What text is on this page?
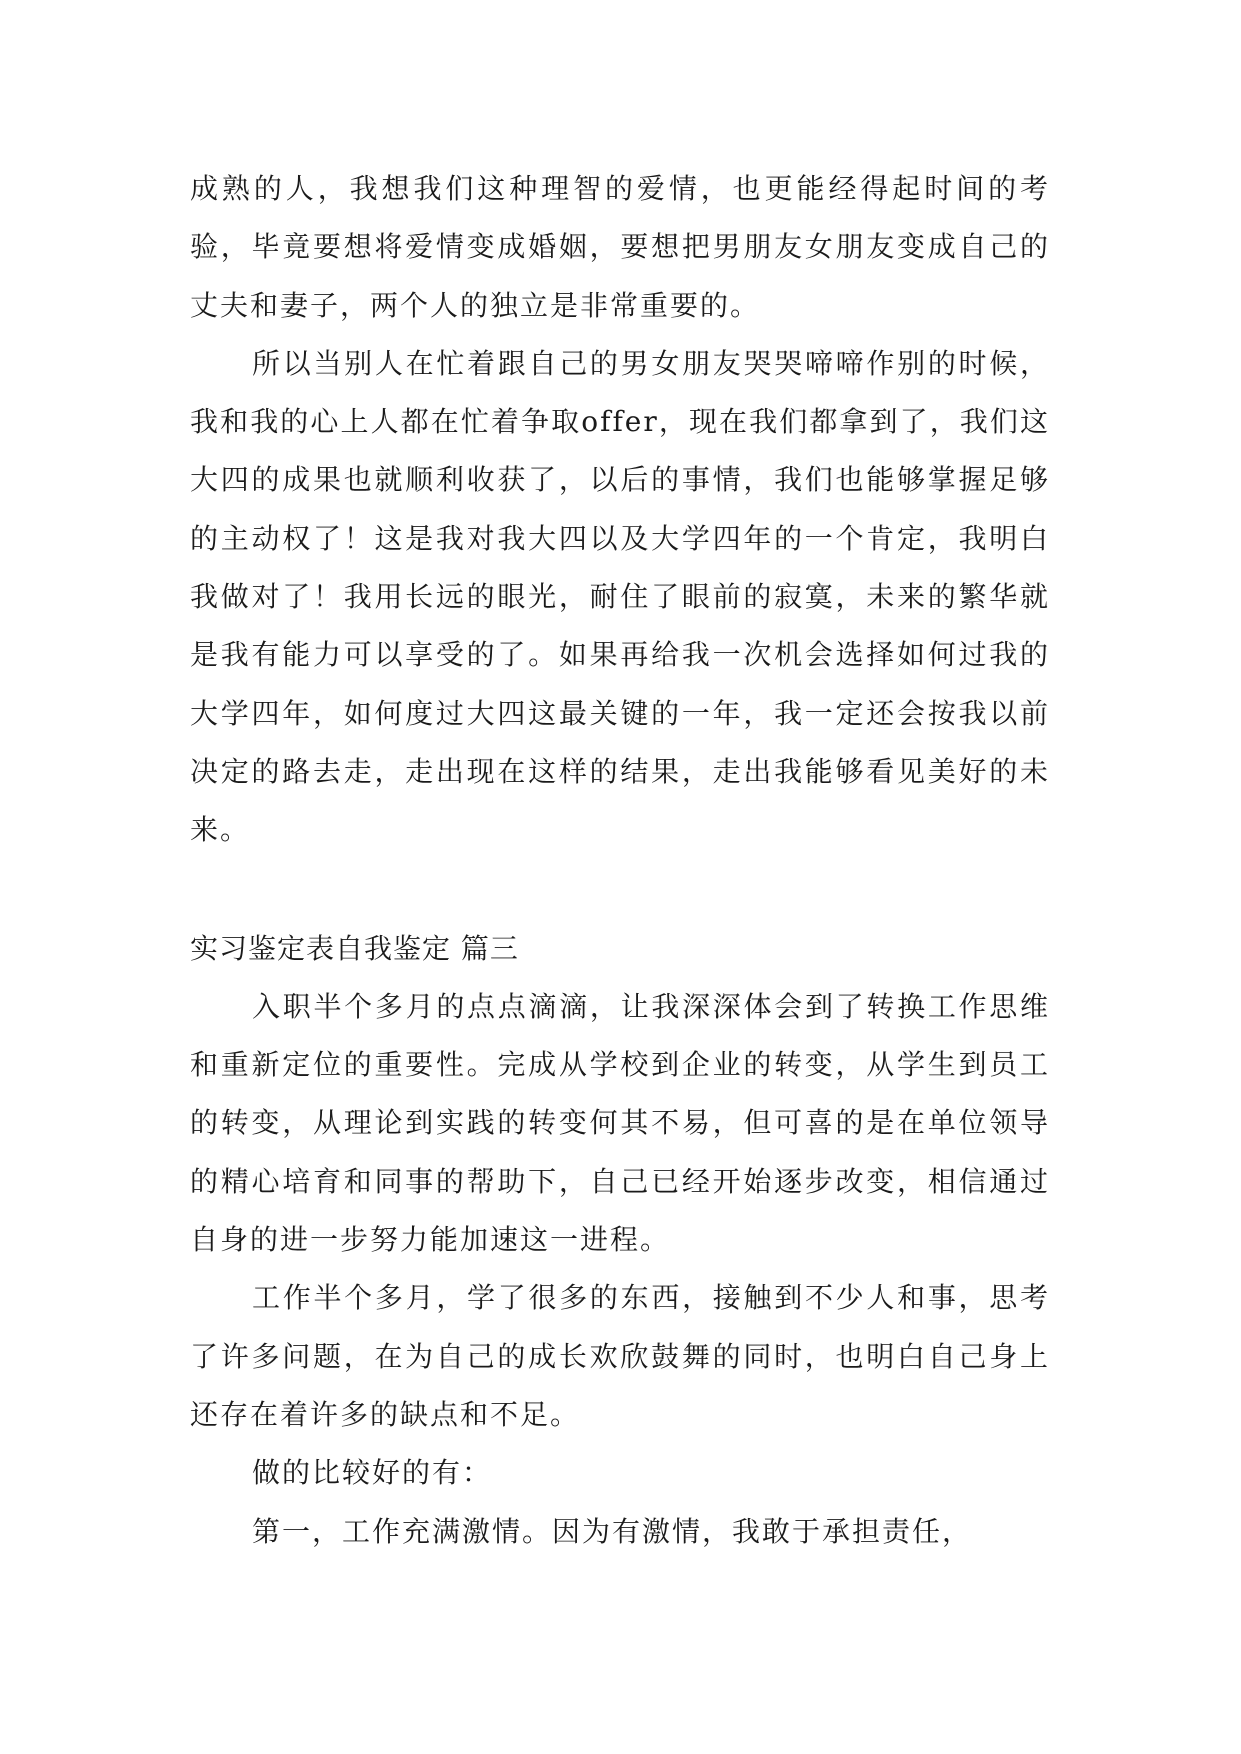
成熟的人，我想我们这种理智的爱情，也更能经得起时间的考验，毕竟要想将爱情变成婚姻，要想把男朋友女朋友变成自己的丈夫和妻子，两个人的独立是非常重要的。

所以当别人在忙着跟自己的男女朋友哭哭啼啼作别的时候，我和我的心上人都在忙着争取offer，现在我们都拿到了，我们这大四的成果也就顺利收获了，以后的事情，我们也能够掌握足够的主动权了！这是我对我大四以及大学四年的一个肯定，我明白我做对了！我用长远的眼光，耐住了眼前的寂寞，未来的繁华就是我有能力可以享受的了。如果再给我一次机会选择如何过我的大学四年，如何度过大四这最关键的一年，我一定还会按我以前决定的路去走，走出现在这样的结果，走出我能够看见美好的未来。

实习鉴定表自我鉴定 篇三

入职半个多月的点点滴滴，让我深深体会到了转换工作思维和重新定位的重要性。完成从学校到企业的转变，从学生到员工的转变，从理论到实践的转变何其不易，但可喜的是在单位领导的精心培育和同事的帮助下，自己已经开始逐步改变，相信通过自身的进一步努力能加速这一进程。

工作半个多月，学了很多的东西，接触到不少人和事，思考了许多问题，在为自己的成长欢欣鼓舞的同时，也明白自己身上还存在着许多的缺点和不足。

做的比较好的有：

第一，工作充满激情。因为有激情，我敢于承担责任，
